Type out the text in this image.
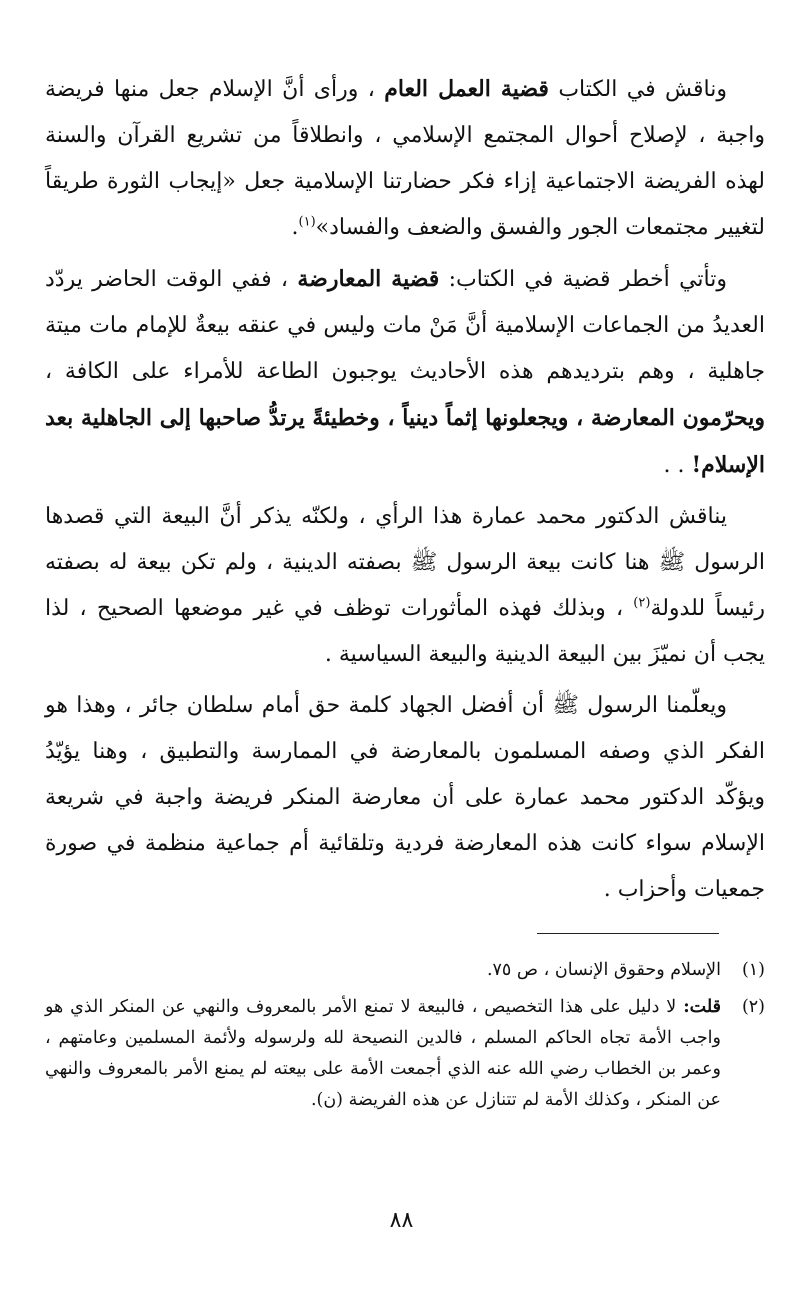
وناقش في الكتاب قضية العمل العام ، ورأى أنَّ الإسلام جعل منها فريضة واجبة ، لإصلاح أحوال المجتمع الإسلامي ، وانطلاقاً من تشريع القرآن والسنة لهذه الفريضة الاجتماعية إزاء فكر حضارتنا الإسلامية جعل «إيجاب الثورة طريقاً لتغيير مجتمعات الجور والفسق والضعف والفساد»$^{(١)}$.

وتأتي أخطر قضية في الكتاب: قضية المعارضة ، ففي الوقت الحاضر يردّد العديدُ من الجماعات الإسلامية أنَّ مَنْ مات وليس في عنقه بيعةٌ للإمام مات ميتة جاهلية ، وهم بترديدهم هذه الأحاديث يوجبون الطاعة للأمراء على الكافة ، ويحرّمون المعارضة ، ويجعلونها إثماً دينياً ، وخطيئةً يرتدُّ صاحبها إلى الجاهلية بعد الإسلام! . .

يناقش الدكتور محمد عمارة هذا الرأي ، ولكنّه يذكر أنَّ البيعة التي قصدها الرسول ﷺ هنا كانت بيعة الرسول ﷺ بصفته الدينية ، ولم تكن بيعة له بصفته رئيساً للدولة$^{(٢)}$ ، وبذلك فهذه المأثورات توظف في غير موضعها الصحيح ، لذا يجب أن نميّزَ بين البيعة الدينية والبيعة السياسية .

ويعلّمنا الرسول ﷺ أن أفضل الجهاد كلمة حق أمام سلطان جائر ، وهذا هو الفكر الذي وصفه المسلمون بالمعارضة في الممارسة والتطبيق ، وهنا يؤيّدُ ويؤكّد الدكتور محمد عمارة على أن معارضة المنكر فريضة واجبة في شريعة الإسلام سواء كانت هذه المعارضة فردية وتلقائية أم جماعية منظمة في صورة جمعيات وأحزاب .

(١)
الإسلام وحقوق الإنسان ، ص ٧٥.
(٢)
قلت: لا دليل على هذا التخصيص ، فالبيعة لا تمنع الأمر بالمعروف والنهي عن المنكر الذي هو واجب الأمة تجاه الحاكم المسلم ، فالدين النصيحة لله ولرسوله ولأئمة المسلمين وعامتهم ، وعمر بن الخطاب رضي الله عنه الذي أجمعت الأمة على بيعته لم يمنع الأمر بالمعروف والنهي عن المنكر ، وكذلك الأمة لم تتنازل عن هذه الفريضة (ن).
٨٨
